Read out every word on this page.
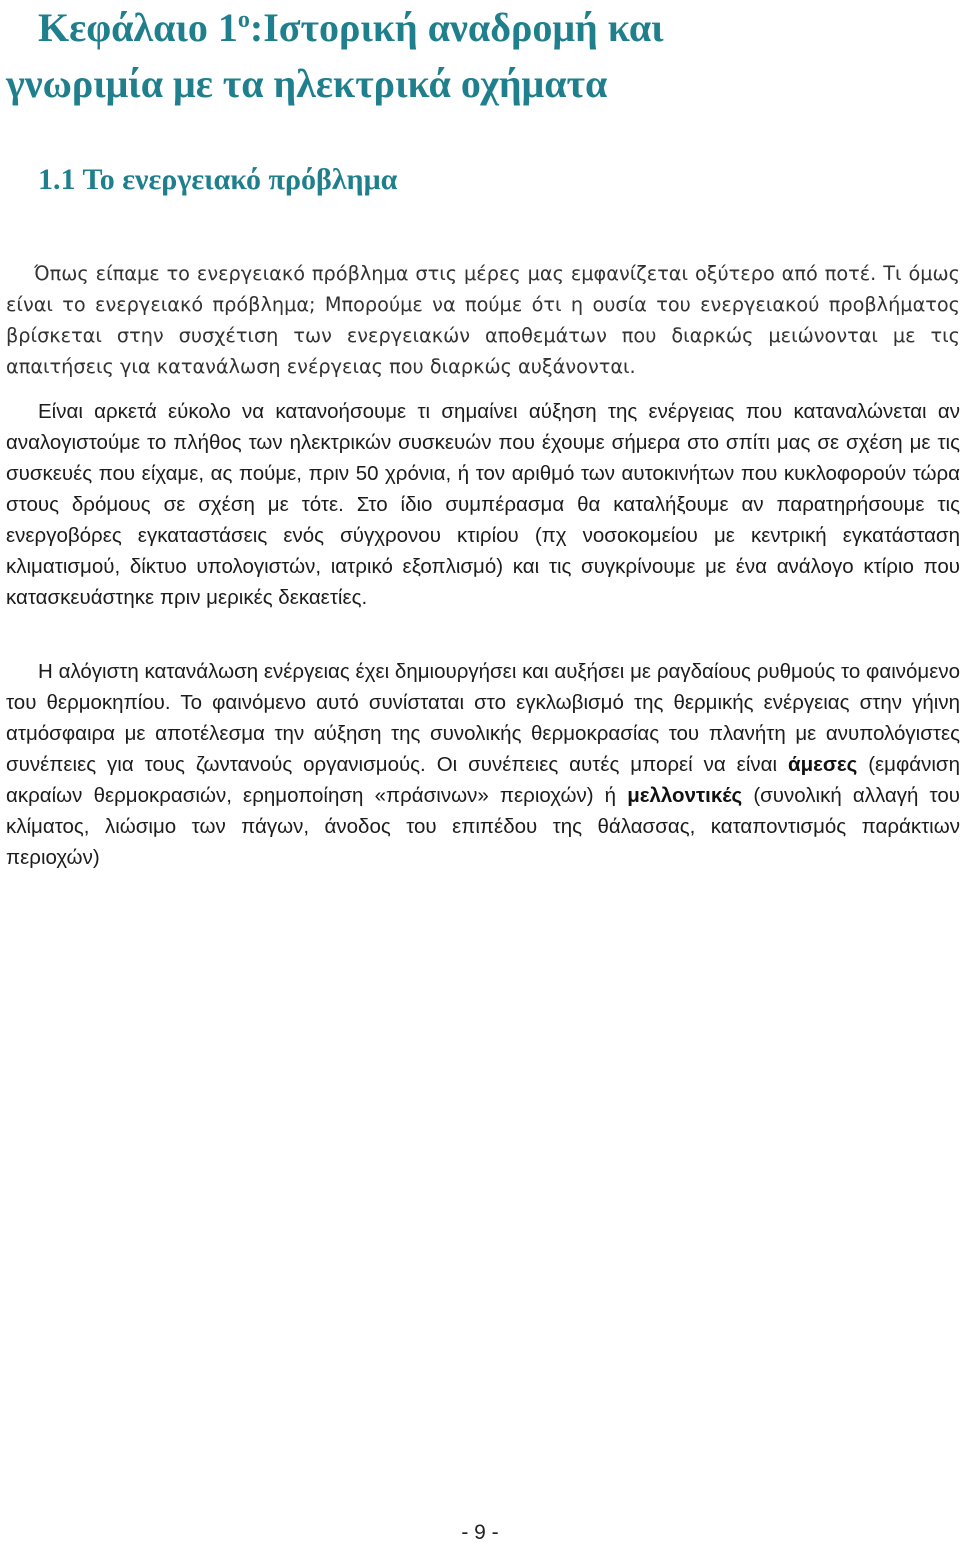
Κεφάλαιο $1^o:I\sigma\tau o\rho\iota\kappa ή$ αναδρομή και
γνωριμία με τα ηλεκτρικά οχήματα
1.1 Το ενεργειακό πρόβλημα

Όπως είπαμε το ενεργειακό πρόβλημα στις μέρες μας εμφανίζεται οξύτερο από ποτέ. Τι όμως είναι το ενεργειακό πρόβλημα; Μπορούμε να πούμε ότι η ουσία του ενεργειακού προβλήματος βρίσκεται στην συσχέτιση των ενεργειακών αποθεμάτων που διαρκώς μειώνονται με τις απαιτήσεις για κατανάλωση ενέργειας που διαρκώς αυξάνονται.

Είναι αρκετά εύκολο να κατανοήσουμε τι σημαίνει αύξηση της ενέργειας που καταναλώνεται αν αναλογιστούμε το πλήθος των ηλεκτρικών συσκευών που έχουμε σήμερα στο σπίτι μας σε σχέση με τις συσκευές που είχαμε, ας πούμε, πριν 50 χρόνια, ή τον αριθμό των αυτοκινήτων που κυκλοφορούν τώρα στους δρόμους σε σχέση με τότε. Στο ίδιο συμπέρασμα θα καταλήξουμε αν παρατηρήσουμε τις ενεργοβόρες εγκαταστάσεις ενός σύγχρονου κτιρίου (πχ νοσοκομείου με κεντρική εγκατάσταση κλιματισμού, δίκτυο υπολογιστών, ιατρικό εξοπλισμό) και τις συγκρίνουμε με ένα ανάλογο κτίριο που κατασκευάστηκε πριν μερικές δεκαετίες.

Η αλόγιστη κατανάλωση ενέργειας έχει δημιουργήσει και αυξήσει με ραγδαίους ρυθμούς το φαινόμενο του θερμοκηπίου. Το φαινόμενο αυτό συνίσταται στο εγκλωβισμό της θερμικής ενέργειας στην γήινη ατμόσφαιρα με αποτέλεσμα την αύξηση της συνολικής θερμοκρασίας του πλανήτη με ανυπολόγιστες συνέπειες για τους ζωντανούς οργανισμούς. Οι συνέπειες αυτές μπορεί να είναι άμεσες (εμφάνιση ακραίων θερμοκρασιών, ερημοποίηση «πράσινων» περιοχών) ή μελλοντικές (συνολική αλλαγή του κλίματος, λιώσιμο των πάγων, άνοδος του επιπέδου της θάλασσας, καταποντισμός παράκτιων περιοχών)

- 9 -
